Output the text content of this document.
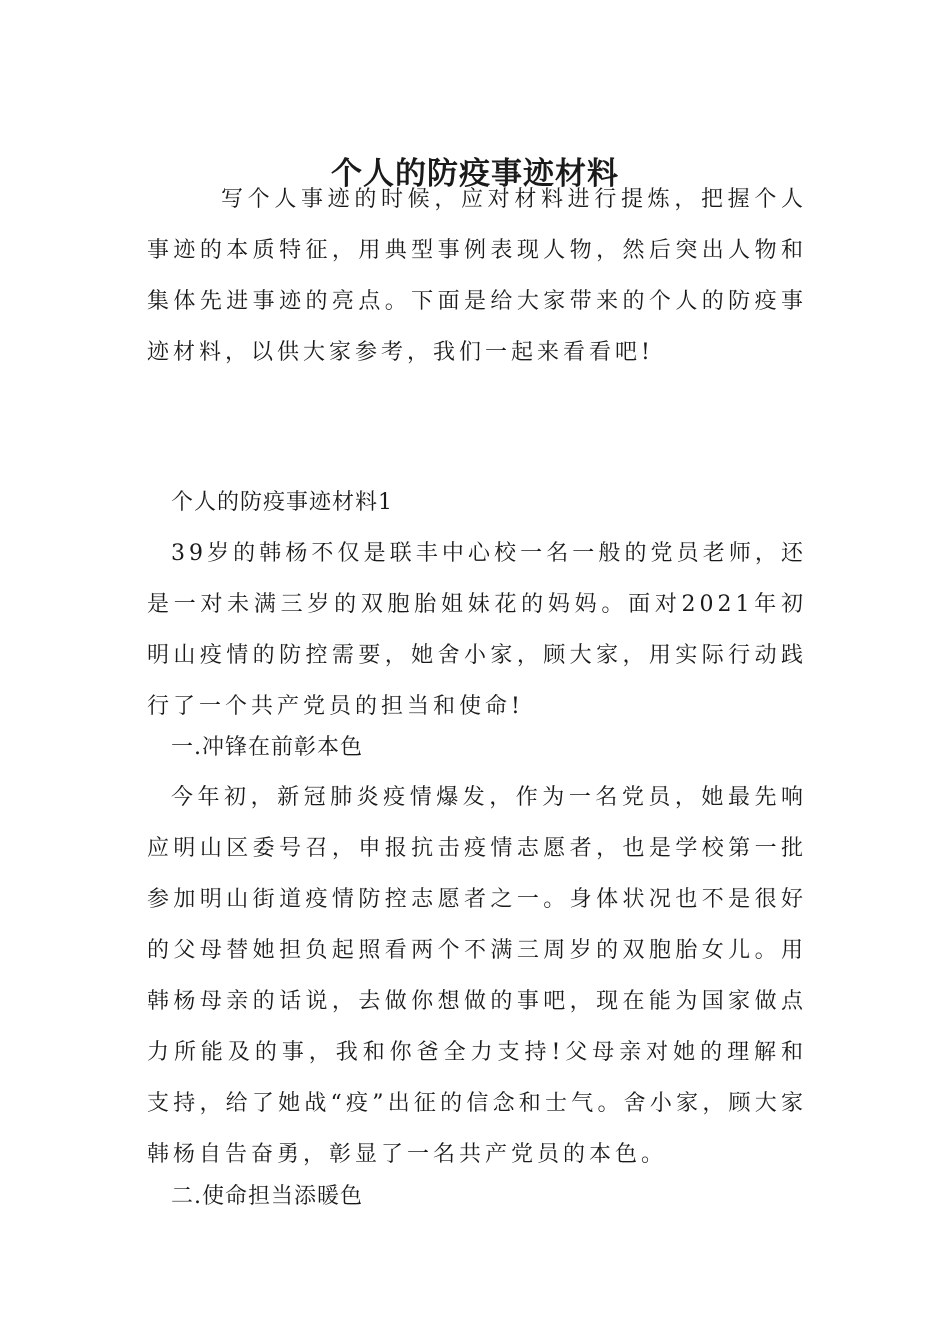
个人的防疫事迹材料

写个人事迹的时候，应对材料进行提炼，把握个人事迹的本质特征，用典型事例表现人物，然后突出人物和集体先进事迹的亮点。下面是给大家带来的个人的防疫事迹材料，以供大家参考，我们一起来看看吧!

个人的防疫事迹材料1

39岁的韩杨不仅是联丰中心校一名一般的党员老师，还是一对未满三岁的双胞胎姐妹花的妈妈。面对2021年初明山疫情的防控需要，她舍小家，顾大家，用实际行动践行了一个共产党员的担当和使命!

一.冲锋在前彰本色

今年初，新冠肺炎疫情爆发，作为一名党员，她最先响应明山区委号召，申报抗击疫情志愿者，也是学校第一批参加明山街道疫情防控志愿者之一。身体状况也不是很好的父母替她担负起照看两个不满三周岁的双胞胎女儿。用韩杨母亲的话说，去做你想做的事吧，现在能为国家做点力所能及的事，我和你爸全力支持!父母亲对她的理解和支持，给了她战“疫”出征的信念和士气。舍小家，顾大家韩杨自告奋勇，彰显了一名共产党员的本色。

二.使命担当添暖色
